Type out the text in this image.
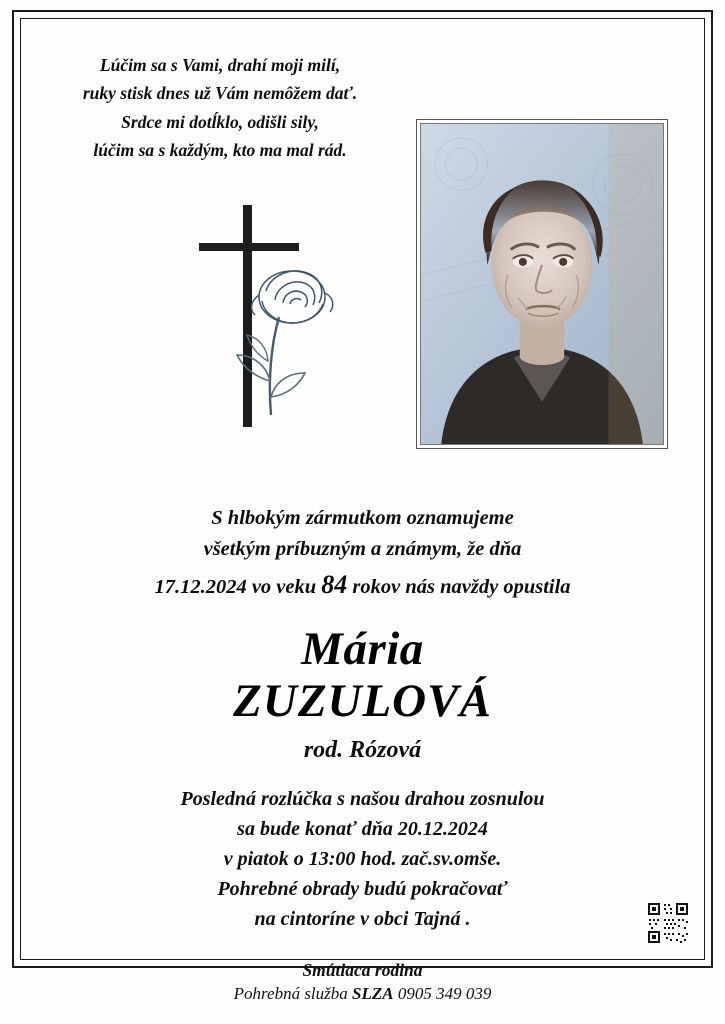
Lúčim sa s Vami, drahí moji milí,
ruky stisk dnes už Vám nemôžem dať.
Srdce mi dotĺklo, odišli sily,
lúčim sa s každým, kto ma mal rád.
S hlbokým zármutkom oznamujeme
všetkým príbuzným a známym, že dňa
17.12.2024 vo veku 84 rokov nás navždy opustila
Mária
ZUZULOVÁ
rod. Rózová
Posledná rozlúčka s našou drahou zosnulou
sa bude konať dňa 20.12.2024
v piatok o 13:00 hod. zač.sv.omše.
Pohrebné obrady budú pokračovať
na cintoríne v obci Tajná .
Smútiaca rodina
Pohrebná služba SLZA 0905 349 039
